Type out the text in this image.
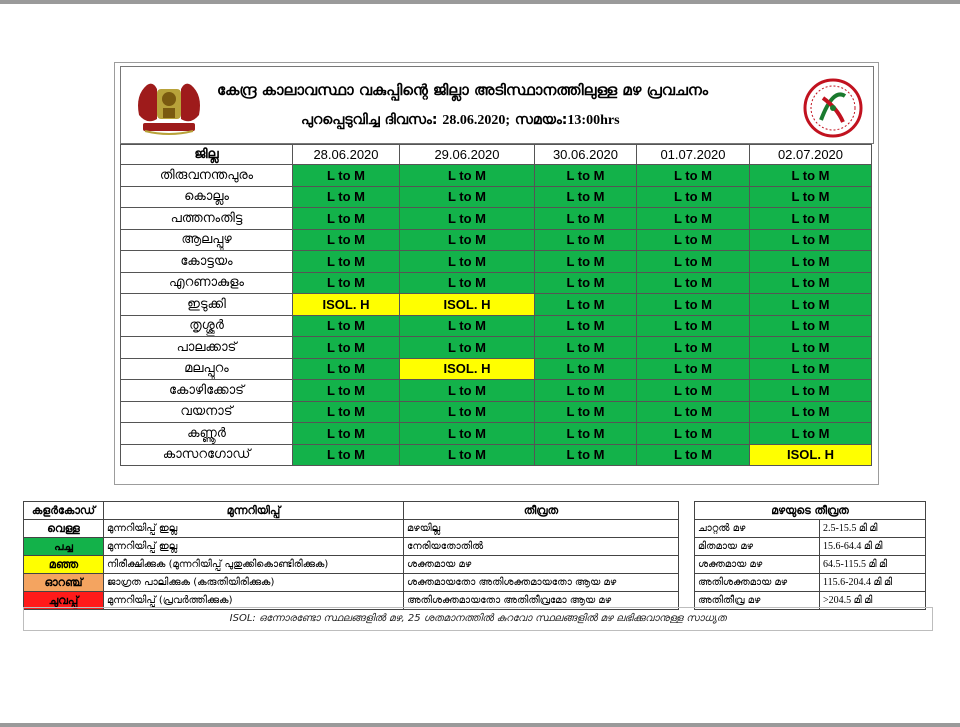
കേന്ദ്ര കാലാവസ്ഥാ വകുപ്പിന്റെ ജില്ലാ അടിസ്ഥാനത്തിലുള്ള മഴ പ്രവചനം
പുറപ്പെടുവിച്ച ദിവസം: 28.06.2020; സമയം:13:00hrs
ജില്ല	28.06.2020	29.06.2020	30.06.2020	01.07.2020	02.07.2020
തിരുവനന്തപുരം	L to M	L to M	L to M	L to M	L to M
കൊല്ലം	L to M	L to M	L to M	L to M	L to M
പത്തനംതിട്ട	L to M	L to M	L to M	L to M	L to M
ആലപ്പുഴ	L to M	L to M	L to M	L to M	L to M
കോട്ടയം	L to M	L to M	L to M	L to M	L to M
എറണാകുളം	L to M	L to M	L to M	L to M	L to M
ഇടുക്കി	ISOL. H	ISOL. H	L to M	L to M	L to M
തൃശ്ശൂർ	L to M	L to M	L to M	L to M	L to M
പാലക്കാട്	L to M	L to M	L to M	L to M	L to M
മലപ്പുറം	L to M	ISOL. H	L to M	L to M	L to M
കോഴിക്കോട്	L to M	L to M	L to M	L to M	L to M
വയനാട്	L to M	L to M	L to M	L to M	L to M
കണ്ണൂർ	L to M	L to M	L to M	L to M	L to M
കാസറഗോഡ്	L to M	L to M	L to M	L to M	ISOL. H
കളർകോഡ്	മുന്നറിയിപ്പ്	തീവ്രത
വെള്ള	മുന്നറിയിപ്പ് ഇല്ല	മഴയില്ല
പച്ച	മുന്നറിയിപ്പ് ഇല്ല	നേരിയതോതിൽ
മഞ്ഞ	നിരീക്ഷിക്കുക (മുന്നറിയിപ്പ് പുതുക്കികൊണ്ടിരിക്കുക)	ശക്തമായ മഴ
ഓറഞ്ച്	ജാഗ്രത പാലിക്കുക (കരുതിയിരിക്കുക)	ശക്തമായതോ അതിശക്തമായതോ ആയ മഴ
ചുവപ്പ്	മുന്നറിയിപ്പ് (പ്രവർത്തിക്കുക)	അതിശക്തമായതോ അതിതീവ്രമോ ആയ മഴ
മഴയുടെ തീവ്രത	
ചാറ്റൽ മഴ	2.5-15.5 മി മി
മിതമായ മഴ	15.6-64.4 മി മി
ശക്തമായ മഴ	64.5-115.5 മി മി
അതിശക്തമായ മഴ	115.6-204.4 മി മി
അതിതീവ്ര മഴ	>204.5 മി മി
ISOL: ഒന്നോരണ്ടോ സ്ഥലങ്ങളിൽ മഴ, 25 ശതമാനത്തിൽ കുറവോ സ്ഥലങ്ങളിൽ മഴ ലഭിക്കുവാനുള്ള സാധ്യത
